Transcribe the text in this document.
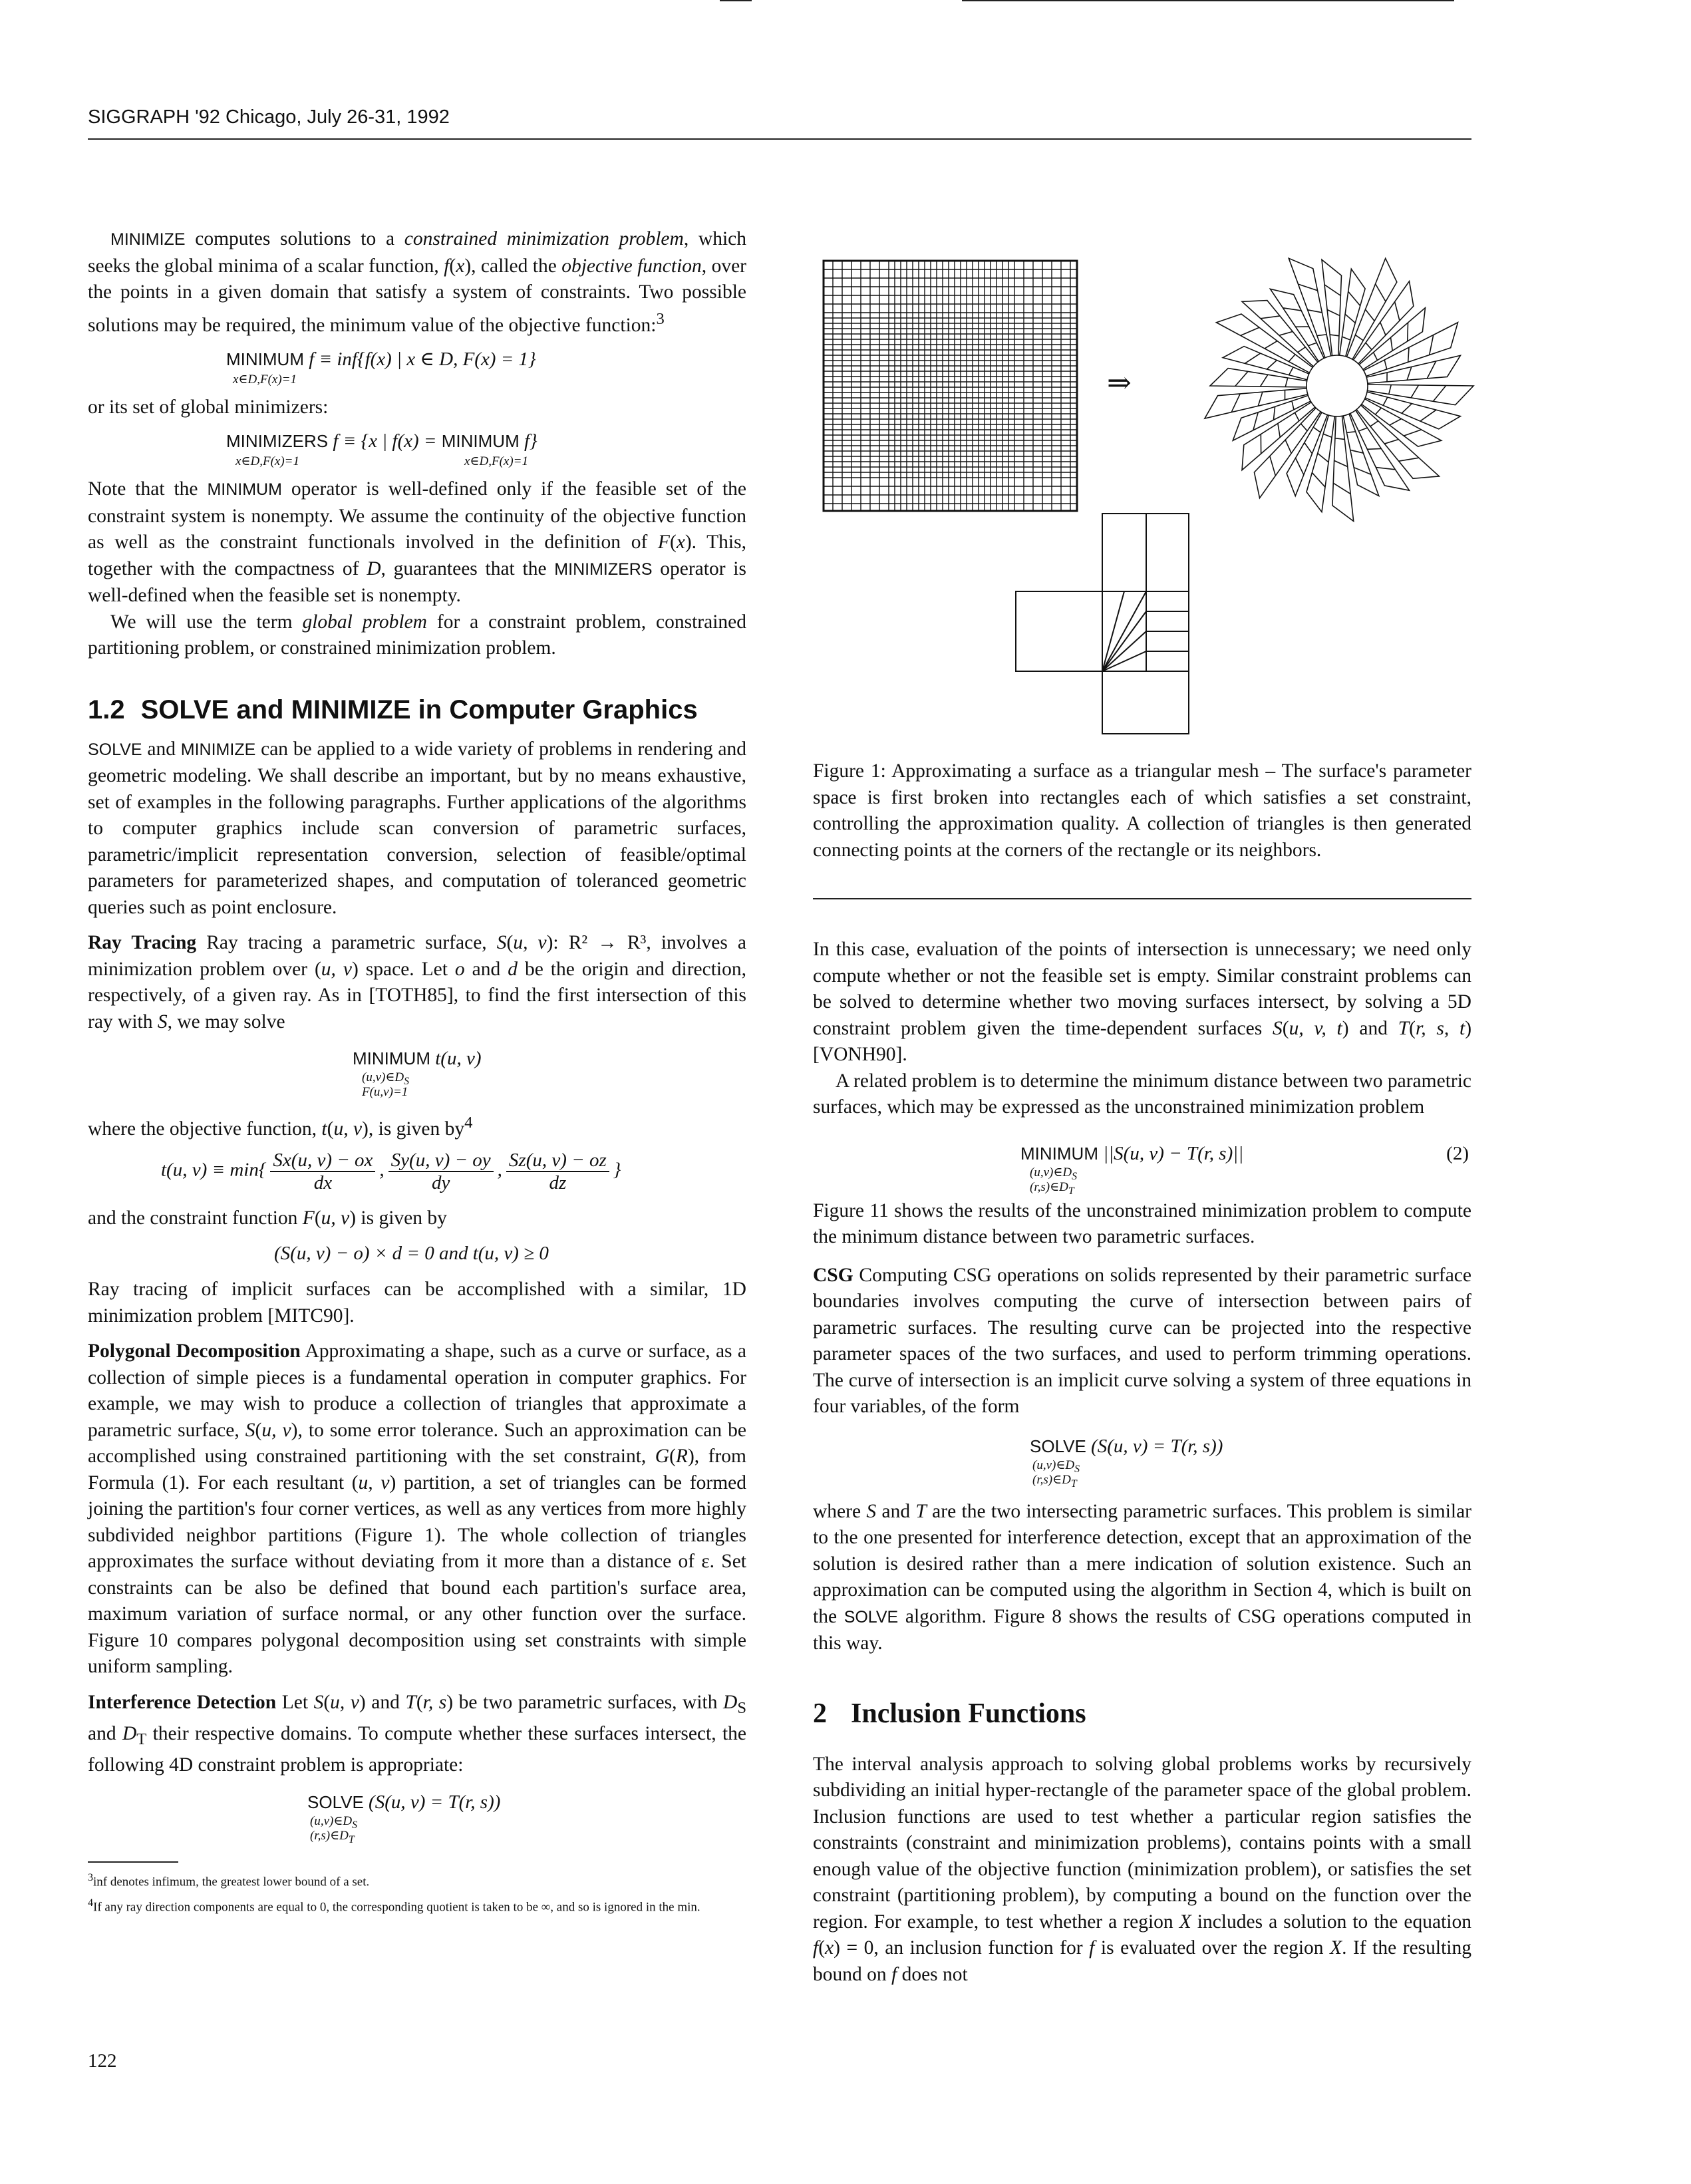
SIGGRAPH '92 Chicago, July 26-31, 1992

MINIMIZE computes solutions to a constrained minimization problem, which seeks the global minima of a scalar function, f(x), called the objective function, over the points in a given domain that satisfy a system of constraints. Two possible solutions may be required, the minimum value of the objective function:$^3$

MINIMUM f ≡ inf{f(x) | x ∈ D, F(x) = 1}
x∈D,F(x)=1

or its set of global minimizers:

MINIMIZERS f ≡ {x | f(x) = MINIMUM f}
x∈D,F(x)=1	x∈D,F(x)=1

Note that the MINIMUM operator is well-defined only if the feasible set of the constraint system is nonempty. We assume the continuity of the objective function as well as the constraint functionals involved in the definition of F(x). This, together with the compactness of D, guarantees that the MINIMIZERS operator is well-defined when the feasible set is nonempty.

We will use the term global problem for a constraint problem, constrained partitioning problem, or constrained minimization problem.

1.2 SOLVE and MINIMIZE in Computer Graphics

SOLVE and MINIMIZE can be applied to a wide variety of problems in rendering and geometric modeling. We shall describe an important, but by no means exhaustive, set of examples in the following paragraphs. Further applications of the algorithms to computer graphics include scan conversion of parametric surfaces, parametric/implicit representation conversion, selection of feasible/optimal parameters for parameterized shapes, and computation of toleranced geometric queries such as point enclosure.

Ray Tracing Ray tracing a parametric surface, S(u, v): R² → R³, involves a minimization problem over (u, v) space. Let o and d be the origin and direction, respectively, of a given ray. As in [TOTH85], to find the first intersection of this ray with S, we may solve

MINIMUM t(u, v)
$(u,v)\in D_S$
F(u,v)=1

where the objective function, t(u, v), is given $by^4$

t(u, $v) \equiv \min\{ \frac{Sx(u, v) - ox}{dx}$ , $\frac{Sy(u, v) - oy}{dy}$ , $\frac{Sz(u, v) - oz}{dz}$ }

and the constraint function F(u, v) is given by

(S(u, v) − o) × d = 0 and t(u, v) ≥ 0

Ray tracing of implicit surfaces can be accomplished with a similar, 1D minimization problem [MITC90].

Polygonal Decomposition Approximating a shape, such as a curve or surface, as a collection of simple pieces is a fundamental operation in computer graphics. For example, we may wish to produce a collection of triangles that approximate a parametric surface, S(u, v), to some error tolerance. Such an approximation can be accomplished using constrained partitioning with the set constraint, G(R), from Formula (1). For each resultant (u, v) partition, a set of triangles can be formed joining the partition's four corner vertices, as well as any vertices from more highly subdivided neighbor partitions (Figure 1). The whole collection of triangles approximates the surface without deviating from it more than a distance of ε. Set constraints can be also be defined that bound each partition's surface area, maximum variation of surface normal, or any other function over the surface. Figure 10 compares polygonal decomposition using set constraints with simple uniform sampling.

Interference Detection Let S(u, v) and T(r, s) be two parametric surfaces, with $D_S$ and $D_T$ their respective domains. To compute whether these surfaces intersect, the following 4D constraint problem is appropriate:

SOLVE (S(u, v) = T(r, s))
$(u,v)\in D_S$
$(r,s)\in D_T$
$^3$inf denotes infimum, the greatest lower bound of a set.
$^4$If any ray direction components are equal to 0, the corresponding quotient is taken to be ∞, and so is ignored in the min.
⇒
Figure 1: Approximating a surface as a triangular mesh – The surface's parameter space is first broken into rectangles each of which satisfies a set constraint, controlling the approximation quality. A collection of triangles is then generated connecting points at the corners of the rectangle or its neighbors.

In this case, evaluation of the points of intersection is unnecessary; we need only compute whether or not the feasible set is empty. Similar constraint problems can be solved to determine whether two moving surfaces intersect, by solving a 5D constraint problem given the time-dependent surfaces S(u, v, t) and T(r, s, t) [VONH90].

A related problem is to determine the minimum distance between two parametric surfaces, which may be expressed as the unconstrained minimization problem

MINIMUM ||S(u, v) − T(r, s)||	(2)
$(u,v)\in D_S$
$(r,s)\in D_T$

Figure 11 shows the results of the unconstrained minimization problem to compute the minimum distance between two parametric surfaces.

CSG Computing CSG operations on solids represented by their parametric surface boundaries involves computing the curve of intersection between pairs of parametric surfaces. The resulting curve can be projected into the respective parameter spaces of the two surfaces, and used to perform trimming operations. The curve of intersection is an implicit curve solving a system of three equations in four variables, of the form

SOLVE (S(u, v) = T(r, s))
$(u,v)\in D_S$
$(r,s)\in D_T$

where S and T are the two intersecting parametric surfaces. This problem is similar to the one presented for interference detection, except that an approximation of the solution is desired rather than a mere indication of solution existence. Such an approximation can be computed using the algorithm in Section 4, which is built on the SOLVE algorithm. Figure 8 shows the results of CSG operations computed in this way.

2 Inclusion Functions

The interval analysis approach to solving global problems works by recursively subdividing an initial hyper-rectangle of the parameter space of the global problem. Inclusion functions are used to test whether a particular region satisfies the constraints (constraint and minimization problems), contains points with a small enough value of the objective function (minimization problem), or satisfies the set constraint (partitioning problem), by computing a bound on the function over the region. For example, to test whether a region X includes a solution to the equation f(x) = 0, an inclusion function for f is evaluated over the region X. If the resulting bound on f does not

122
